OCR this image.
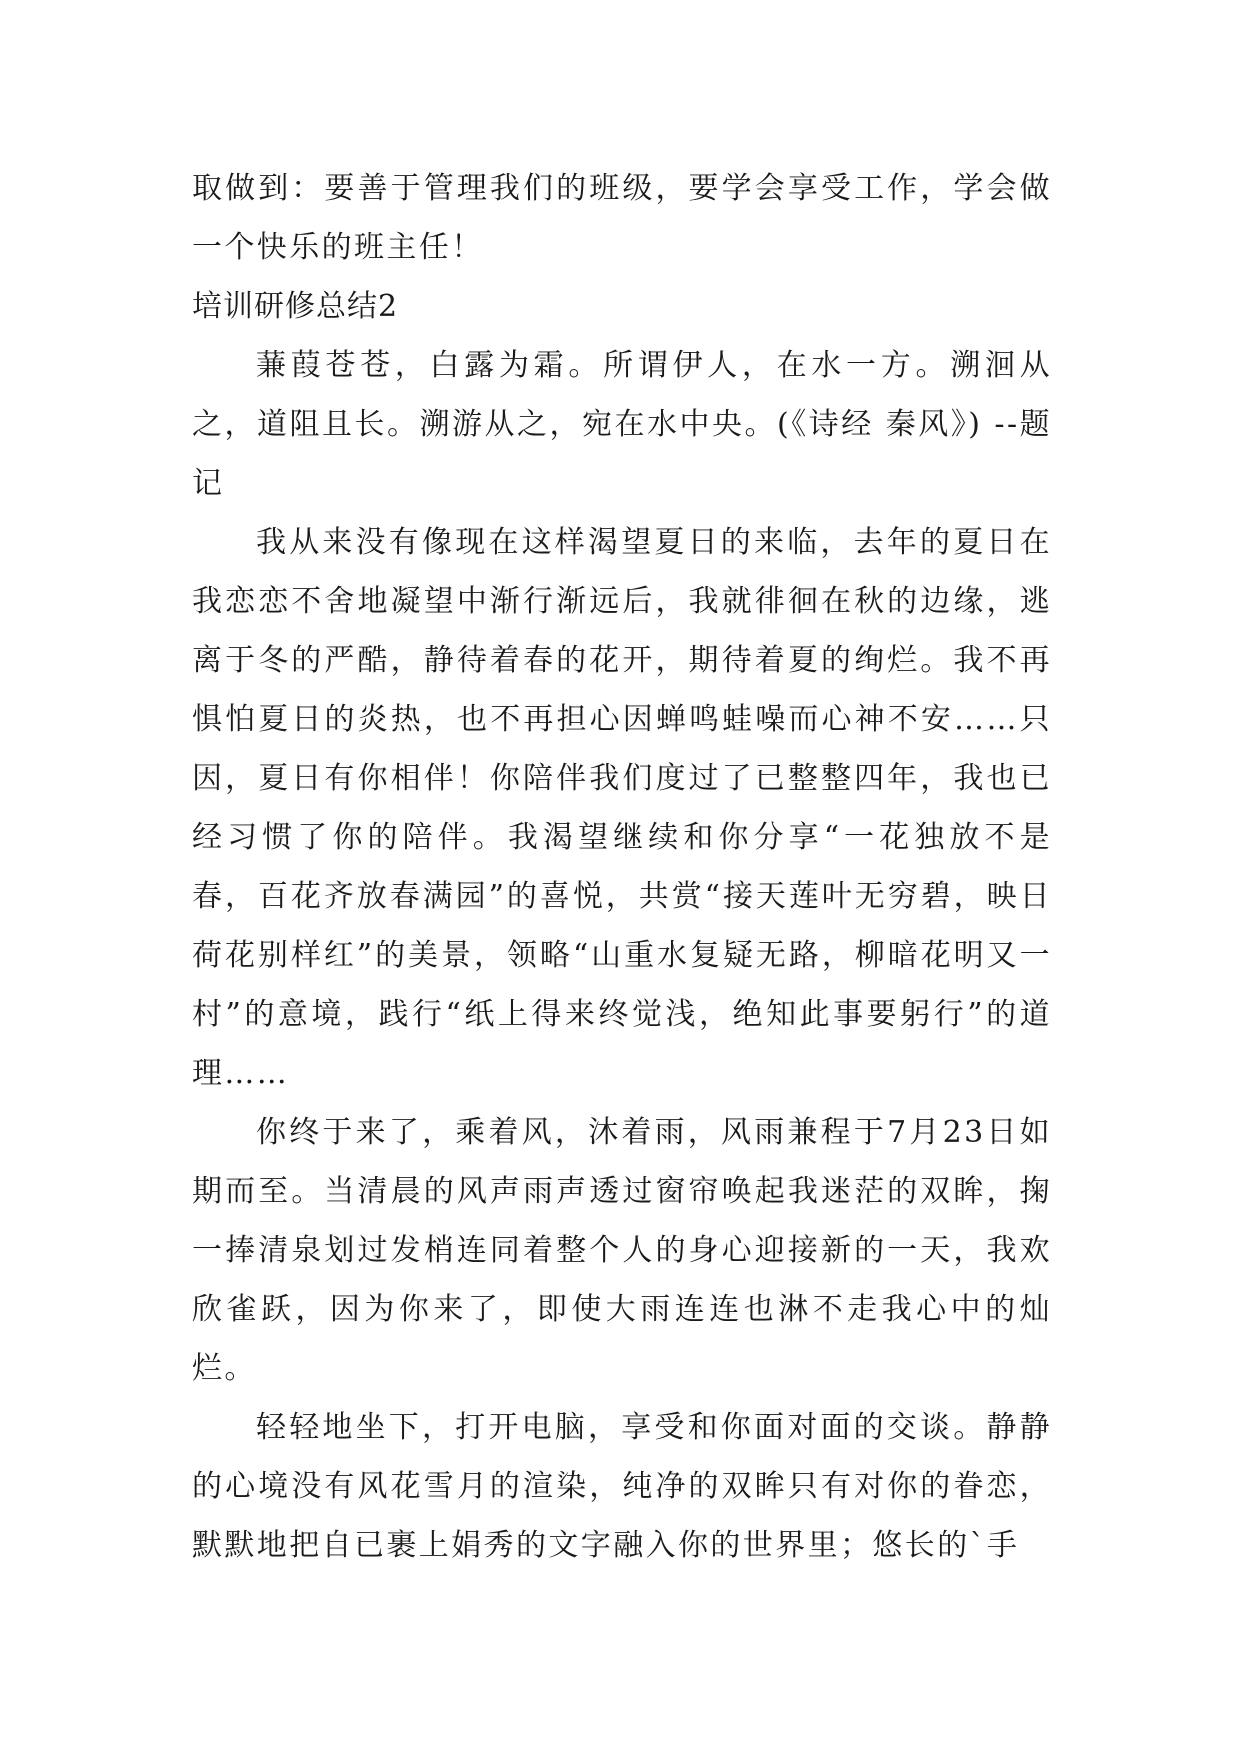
取做到：要善于管理我们的班级，要学会享受工作，学会做一个快乐的班主任！

培训研修总结2

蒹葭苍苍，白露为霜。所谓伊人，在水一方。溯洄从之，道阻且长。溯游从之，宛在水中央。(《诗经 秦风》) --题记

我从来没有像现在这样渴望夏日的来临，去年的夏日在我恋恋不舍地凝望中渐行渐远后，我就徘徊在秋的边缘，逃离于冬的严酷，静待着春的花开，期待着夏的绚烂。我不再惧怕夏日的炎热，也不再担心因蝉鸣蛙噪而心神不安……只因，夏日有你相伴！你陪伴我们度过了已整整四年，我也已经习惯了你的陪伴。我渴望继续和你分享“一花独放不是春，百花齐放春满园”的喜悦，共赏“接天莲叶无穷碧，映日荷花别样红”的美景，领略“山重水复疑无路，柳暗花明又一村”的意境，践行“纸上得来终觉浅，绝知此事要躬行”的道理……

你终于来了，乘着风，沐着雨，风雨兼程于7月23日如期而至。当清晨的风声雨声透过窗帘唤起我迷茫的双眸，掬一捧清泉划过发梢连同着整个人的身心迎接新的一天，我欢欣雀跃，因为你来了，即使大雨连连也淋不走我心中的灿烂。

轻轻地坐下，打开电脑，享受和你面对面的交谈。静静的心境没有风花雪月的渲染，纯净的双眸只有对你的眷恋，默默地把自已裹上娟秀的文字融入你的世界里；悠长的`手
